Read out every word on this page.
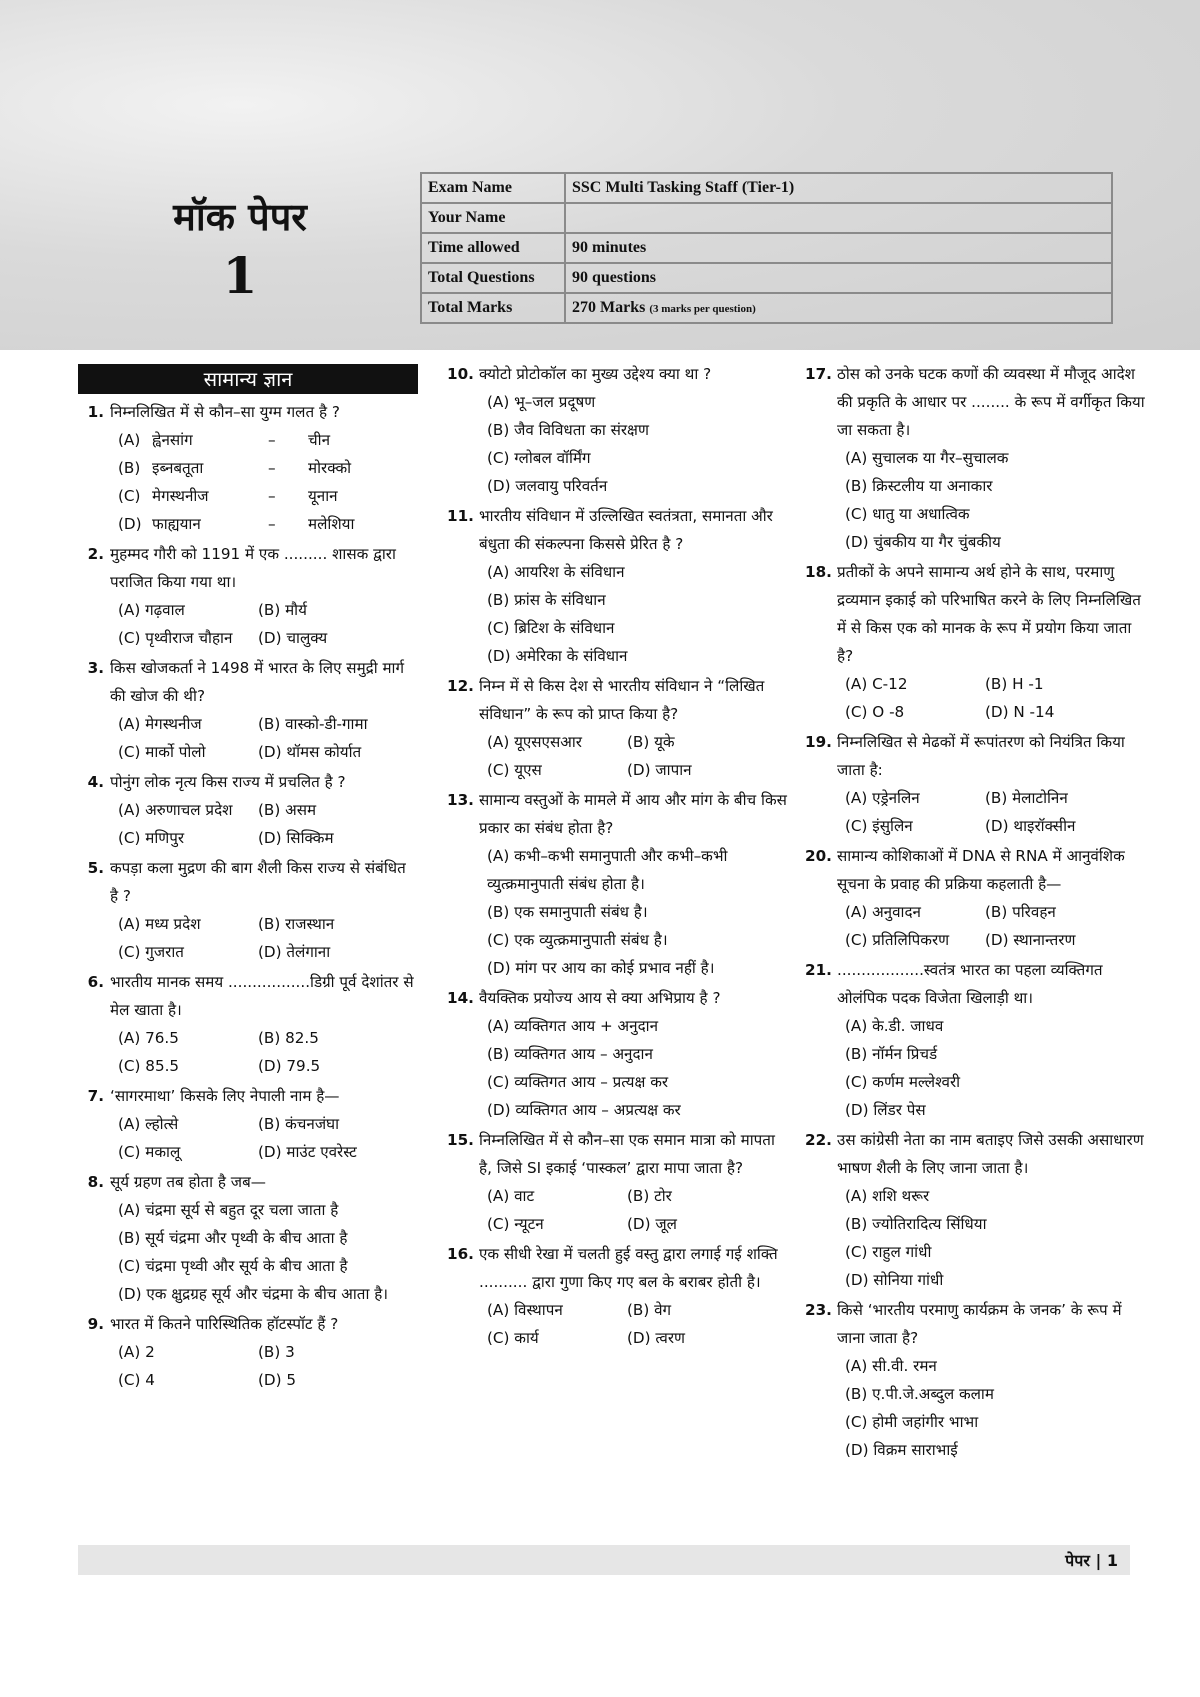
मॉक पेपर
1
Exam Name	SSC Multi Tasking Staff (Tier-1)
Your Name	
Time allowed	90 minutes
Total Questions	90 questions
Total Marks	270 Marks (3 marks per question)
सामान्य ज्ञान
1. निम्नलिखित में से कौन–सा युग्म गलत है ?
(A) ह्वेनसांग	–	चीन
(B) इब्नबतूता	–	मोरक्को
(C) मेगस्थनीज	–	यूनान
(D) फाह्ययान	–	मलेशिया
2. मुहम्मद गौरी को 1191 में एक ......... शासक द्वारा पराजित किया गया था।
(A) गढ़वाल	(B) मौर्य
(C) पृथ्वीराज चौहान	(D) चालुक्य
3. किस खोजकर्ता ने 1498 में भारत के लिए समुद्री मार्ग की खोज की थी?
(A) मेगस्थनीज	(B) वास्को-डी-गामा
(C) मार्को पोलो	(D) थॉमस कोर्यात
4. पोनुंग लोक नृत्य किस राज्य में प्रचलित है ?
(A) अरुणाचल प्रदेश	(B) असम
(C) मणिपुर	(D) सिक्किम
5. कपड़ा कला मुद्रण की बाग शैली किस राज्य से संबंधित है ?
(A) मध्य प्रदेश	(B) राजस्थान
(C) गुजरात	(D) तेलंगाना
6. भारतीय मानक समय .................डिग्री पूर्व देशांतर से मेल खाता है।
(A) 76.5	(B) 82.5
(C) 85.5	(D) 79.5
7. ‘सागरमाथा’ किसके लिए नेपाली नाम है—
(A) ल्होत्से	(B) कंचनजंघा
(C) मकालू	(D) माउंट एवरेस्ट
8. सूर्य ग्रहण तब होता है जब—
(A) चंद्रमा सूर्य से बहुत दूर चला जाता है
(B) सूर्य चंद्रमा और पृथ्वी के बीच आता है
(C) चंद्रमा पृथ्वी और सूर्य के बीच आता है
(D) एक क्षुद्रग्रह सूर्य और चंद्रमा के बीच आता है।
9. भारत में कितने पारिस्थितिक हॉटस्पॉट हैं ?
(A) 2	(B) 3
(C) 4	(D) 5
10. क्योटो प्रोटोकॉल का मुख्य उद्देश्य क्या था ?
(A) भू–जल प्रदूषण
(B) जैव विविधता का संरक्षण
(C) ग्लोबल वॉर्मिंग
(D) जलवायु परिवर्तन
11. भारतीय संविधान में उल्लिखित स्वतंत्रता, समानता और बंधुता की संकल्पना किससे प्रेरित है ?
(A) आयरिश के संविधान
(B) फ्रांस के संविधान
(C) ब्रिटिश के संविधान
(D) अमेरिका के संविधान
12. निम्न में से किस देश से भारतीय संविधान ने “लिखित संविधान” के रूप को प्राप्त किया है?
(A) यूएसएसआर	(B) यूके
(C) यूएस	(D) जापान
13. सामान्य वस्तुओं के मामले में आय और मांग के बीच किस प्रकार का संबंध होता है?
(A) कभी–कभी समानुपाती और कभी–कभी व्युत्क्रमानुपाती संबंध होता है।
(B) एक समानुपाती संबंध है।
(C) एक व्युत्क्रमानुपाती संबंध है।
(D) मांग पर आय का कोई प्रभाव नहीं है।
14. वैयक्तिक प्रयोज्य आय से क्या अभिप्राय है ?
(A) व्यक्तिगत आय + अनुदान
(B) व्यक्तिगत आय – अनुदान
(C) व्यक्तिगत आय – प्रत्यक्ष कर
(D) व्यक्तिगत आय – अप्रत्यक्ष कर
15. निम्नलिखित में से कौन–सा एक समान मात्रा को मापता है, जिसे SI इकाई ‘पास्कल’ द्वारा मापा जाता है?
(A) वाट	(B) टोर
(C) न्यूटन	(D) जूल
16. एक सीधी रेखा में चलती हुई वस्तु द्वारा लगाई गई शक्ति .......... द्वारा गुणा किए गए बल के बराबर होती है।
(A) विस्थापन	(B) वेग
(C) कार्य	(D) त्वरण
17. ठोस को उनके घटक कणों की व्यवस्था में मौजूद आदेश की प्रकृति के आधार पर ........ के रूप में वर्गीकृत किया जा सकता है।
(A) सुचालक या गैर–सुचालक
(B) क्रिस्टलीय या अनाकार
(C) धातु या अधात्विक
(D) चुंबकीय या गैर चुंबकीय
18. प्रतीकों के अपने सामान्य अर्थ होने के साथ, परमाणु द्रव्यमान इकाई को परिभाषित करने के लिए निम्नलिखित में से किस एक को मानक के रूप में प्रयोग किया जाता है?
(A) C-12	(B) H -1
(C) O -8	(D) N -14
19. निम्नलिखित से मेढकों में रूपांतरण को नियंत्रित किया जाता है:
(A) एड्रेनलिन	(B) मेलाटोनिन
(C) इंसुलिन	(D) थाइरॉक्सीन
20. सामान्य कोशिकाओं में DNA से RNA में आनुवंशिक सूचना के प्रवाह की प्रक्रिया कहलाती है—
(A) अनुवादन	(B) परिवहन
(C) प्रतिलिपिकरण	(D) स्थानान्तरण
21. ..................स्वतंत्र भारत का पहला व्यक्तिगत ओलंपिक पदक विजेता खिलाड़ी था।
(A) के.डी. जाधव
(B) नॉर्मन प्रिचर्ड
(C) कर्णम मल्लेश्वरी
(D) लिंडर पेस
22. उस कांग्रेसी नेता का नाम बताइए जिसे उसकी असाधारण भाषण शैली के लिए जाना जाता है।
(A) शशि थरूर
(B) ज्योतिरादित्य सिंधिया
(C) राहुल गांधी
(D) सोनिया गांधी
23. किसे ‘भारतीय परमाणु कार्यक्रम के जनक’ के रूप में जाना जाता है?
(A) सी.वी. रमन
(B) ए.पी.जे.अब्दुल कलाम
(C) होमी जहांगीर भाभा
(D) विक्रम साराभाई
पेपर | 1
